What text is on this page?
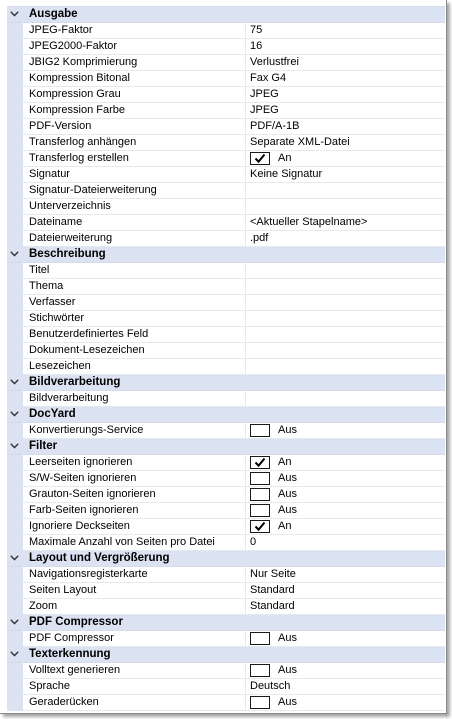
Ausgabe
JPEG-Faktor	75
JPEG2000-Faktor	16
JBIG2 Komprimierung	Verlustfrei
Kompression Bitonal	Fax G4
Kompression Grau	JPEG
Kompression Farbe	JPEG
PDF-Version	PDF/A-1B
Transferlog anhängen	Separate XML-Datei
Transferlog erstellen	An
Signatur	Keine Signatur
Signatur-Dateierweiterung
Unterverzeichnis
Dateiname	<Aktueller Stapelname>
Dateierweiterung	.pdf
Beschreibung
Titel
Thema
Verfasser
Stichwörter
Benutzerdefiniertes Feld
Dokument-Lesezeichen
Lesezeichen
Bildverarbeitung
Bildverarbeitung
DocYard
Konvertierungs-Service	Aus
Filter
Leerseiten ignorieren	An
S/W-Seiten ignorieren	Aus
Grauton-Seiten ignorieren	Aus
Farb-Seiten ignorieren	Aus
Ignoriere Deckseiten	An
Maximale Anzahl von Seiten pro Datei	0
Layout und Vergrößerung
Navigationsregisterkarte	Nur Seite
Seiten Layout	Standard
Zoom	Standard
PDF Compressor
PDF Compressor	Aus
Texterkennung
Volltext generieren	Aus
Sprache	Deutsch
Geraderücken	Aus
